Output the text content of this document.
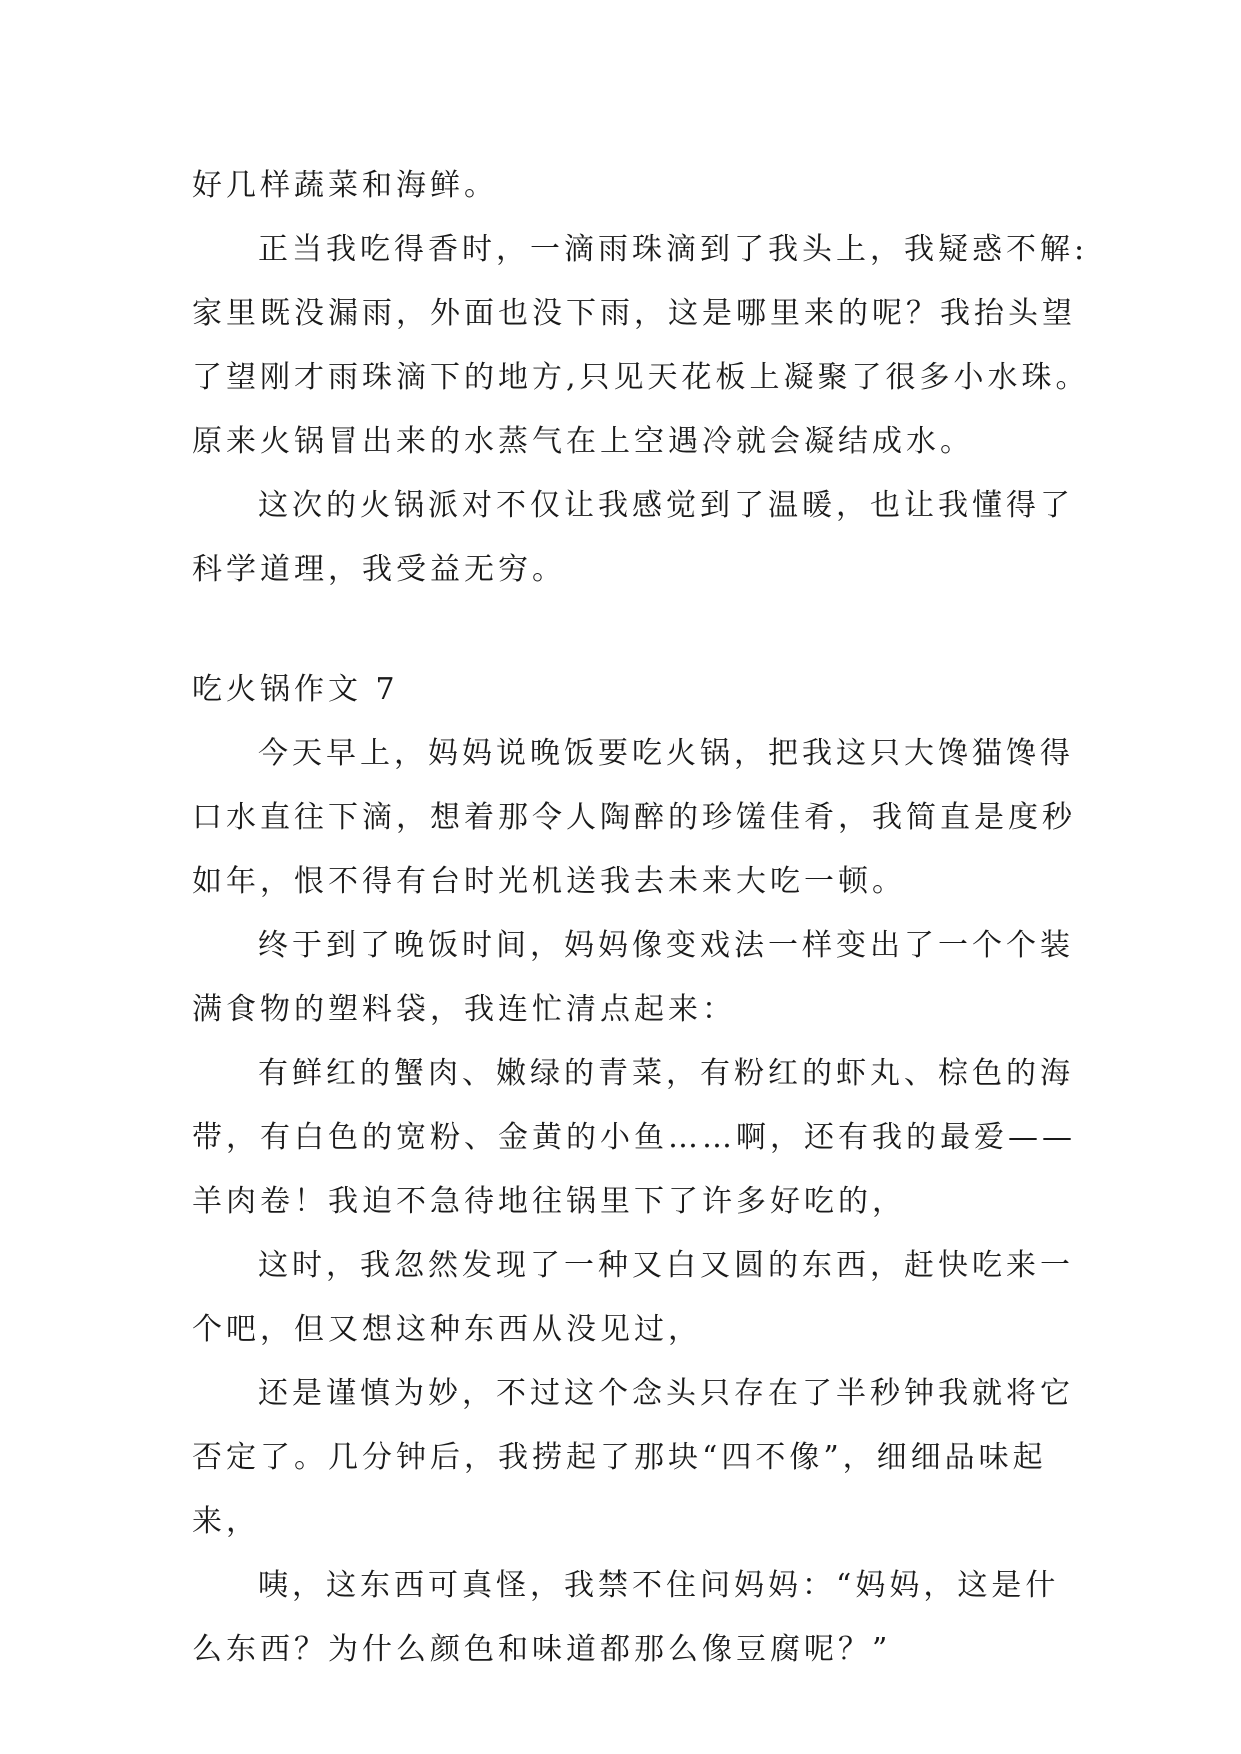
好几样蔬菜和海鲜。
正当我吃得香时，一滴雨珠滴到了我头上，我疑惑不解:
家里既没漏雨，外面也没下雨，这是哪里来的呢？我抬头望
了望刚才雨珠滴下的地方,只见天花板上凝聚了很多小水珠。
原来火锅冒出来的水蒸气在上空遇冷就会凝结成水。
这次的火锅派对不仅让我感觉到了温暖，也让我懂得了
科学道理，我受益无穷。
吃火锅作文 7
今天早上，妈妈说晚饭要吃火锅，把我这只大馋猫馋得
口水直往下滴，想着那令人陶醉的珍馐佳肴，我简直是度秒
如年，恨不得有台时光机送我去未来大吃一顿。
终于到了晚饭时间，妈妈像变戏法一样变出了一个个装
满食物的塑料袋，我连忙清点起来：
有鲜红的蟹肉、嫩绿的青菜，有粉红的虾丸、棕色的海
带，有白色的宽粉、金黄的小鱼……啊，还有我的最爱——
羊肉卷！我迫不急待地往锅里下了许多好吃的，
这时，我忽然发现了一种又白又圆的东西，赶快吃来一
个吧，但又想这种东西从没见过，
还是谨慎为妙，不过这个念头只存在了半秒钟我就将它
否定了。几分钟后，我捞起了那块“四不像”，细细品味起
来，
咦，这东西可真怪，我禁不住问妈妈：“妈妈，这是什
么东西？为什么颜色和味道都那么像豆腐呢？”
